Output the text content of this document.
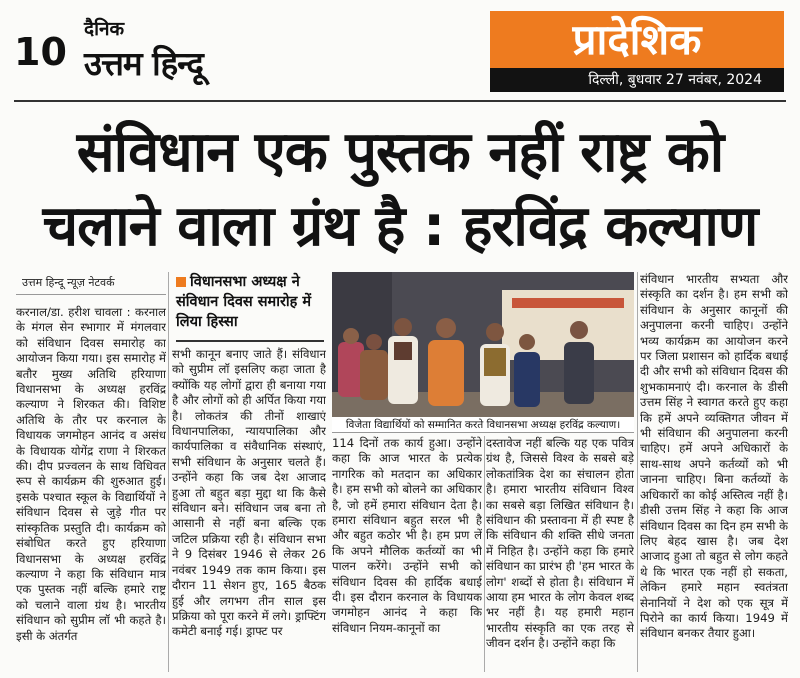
10
दैनिक
उत्तम हिन्दू	प्रादेशिक
दिल्ली, बुधवार 27 नवंबर, 2024
संविधान एक पुस्तक नहीं राष्ट्र को
चलाने वाला ग्रंथ है : हरविंद्र कल्याण
उत्तम हिन्दू न्यूज़ नेटवर्क	विधानसभा अध्यक्ष ने संविधान दिवस समारोह में लिया हिस्सा

करनाल/डा. हरीश चावला : करनाल के मंगल सेन स्भागार में मंगलवार को संविधान दिवस समारोह का आयोजन किया गया। इस समारोह में बतौर मुख्य अतिथि हरियाणा विधानसभा के अध्यक्ष हरविंद्र कल्याण ने शिरकत की। विशिष्ट अतिथि के तौर पर करनाल के विधायक जगमोहन आनंद व असंध के विधायक योगेंद्र राणा ने शिरकत की। दीप प्रज्वलन के साथ विधिवत रूप से कार्यक्रम की शुरुआत हुई। इसके पश्चात स्कूल के विद्यार्थियों ने संविधान दिवस से जुड़े गीत पर सांस्कृतिक प्रस्तुति दी। कार्यक्रम को संबोधित करते हुए हरियाणा विधानसभा के अध्यक्ष हरविंद्र कल्याण ने कहा कि संविधान मात्र एक पुस्तक नहीं बल्कि हमारे राष्ट्र को चलाने वाला ग्रंथ है। भारतीय संविधान को सुप्रीम लॉ भी कहते है। इसी के अंतर्गत

सभी कानून बनाए जाते हैं। संविधान को सुप्रीम लॉ इसलिए कहा जाता है क्योंकि यह लोगों द्वारा ही बनाया गया है और लोगों को ही अर्पित किया गया है। लोकतंत्र की तीनों शाखाएं विधानपालिका, न्यायपालिका और कार्यपालिका व संवैधानिक संस्थाएं, सभी संविधान के अनुसार चलते हैं। उन्होंने कहा कि जब देश आजाद हुआ तो बहुत बड़ा मुद्दा था कि कैसे संविधान बने। संविधान जब बना तो आसानी से नहीं बना बल्कि एक जटिल प्रक्रिया रही है। संविधान सभा ने 9 दिसंबर 1946 से लेकर 26 नवंबर 1949 तक काम किया। इस दौरान 11 सेशन हुए, 165 बैठक हुई और लगभग तीन साल इस प्रक्रिया को पूरा करने में लगे। ड्राफ्टिंग कमेटी बनाई गई। ड्राफ्ट पर

114 दिनों तक कार्य हुआ। उन्होंने कहा कि आज भारत के प्रत्येक नागरिक को मतदान का अधिकार है। हम सभी को बोलने का अधिकार है, जो हमें हमारा संविधान देता है। हमारा संविधान बहुत सरल भी है और बहुत कठोर भी है। हम प्रण लें कि अपने मौलिक कर्तव्यों का भी पालन करेंगे। उन्होंने सभी को संविधान दिवस की हार्दिक बधाई दी। इस दौरान करनाल के विधायक जगमोहन आनंद ने कहा कि संविधान नियम-कानूनों का

दस्तावेज नहीं बल्कि यह एक पवित्र ग्रंथ है, जिससे विश्व के सबसे बड़े लोकतांत्रिक देश का संचालन होता है। हमारा भारतीय संविधान विश्व का सबसे बड़ा लिखित संविधान है। संविधान की प्रस्तावना में ही स्पष्ट है कि संविधान की शक्ति सीधे जनता में निहित है। उन्होंने कहा कि हमारे संविधान का प्रारंभ ही 'हम भारत के लोग' शब्दों से होता है। संविधान में आया हम भारत के लोग केवल शब्द भर नहीं है। यह हमारी महान भारतीय संस्कृति का एक तरह से जीवन दर्शन है। उन्होंने कहा कि

संविधान भारतीय सभ्यता और संस्कृति का दर्शन है। हम सभी को संविधान के अनुसार कानूनों की अनुपालना करनी चाहिए। उन्होंने भव्य कार्यक्रम का आयोजन करने पर जिला प्रशासन को हार्दिक बधाई दी और सभी को संविधान दिवस की शुभकामनाएं दी। करनाल के डीसी उत्तम सिंह ने स्वागत करते हुए कहा कि हमें अपने व्यक्तिगत जीवन में भी संविधान की अनुपालना करनी चाहिए। हमें अपने अधिकारों के साथ-साथ अपने कर्तव्यों को भी जानना चाहिए। बिना कर्तव्यों के अधिकारों का कोई अस्तित्व नहीं है। डीसी उत्तम सिंह ने कहा कि आज संविधान दिवस का दिन हम सभी के लिए बेहद खास है। जब देश आजाद हुआ तो बहुत से लोग कहते थे कि भारत एक नहीं हो सकता, लेकिन हमारे महान स्वतंत्रता सेनानियों ने देश को एक सूत्र में पिरोने का कार्य किया। 1949 में संविधान बनकर तैयार हुआ।

विजेता विद्यार्थियों को सम्मानित करते विधानसभा अध्यक्ष हरविंद्र कल्याण।
